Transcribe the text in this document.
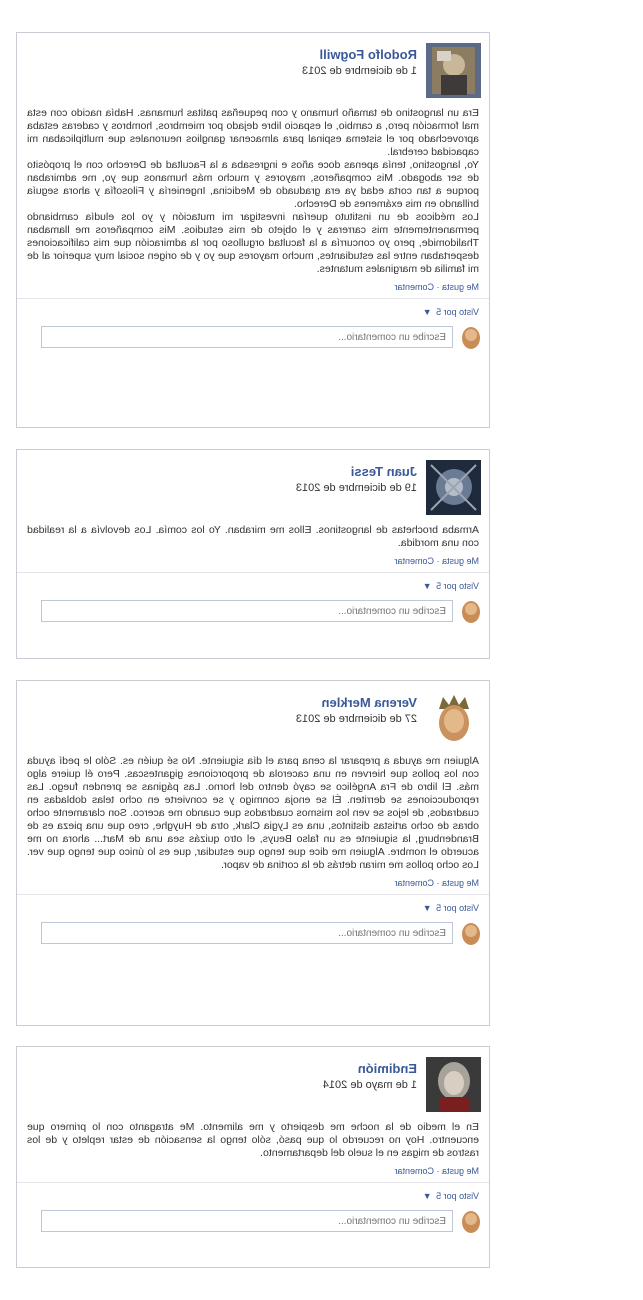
Rodolfo Fogwill
1 de diciembre de 2013
Era un langostino de tamaño humano y con pequeñas patitas humanas. Había nacido con esta mal formación pero, a cambio, el espacio libre dejado por miembros, hombros y caderas estaba aprovechado por el sistema espinal para almacenar ganglios neuronales que multiplicaban mi capacidad cerebral.
Yo, langostino, tenía apenas doce años e ingresaba a la Facultad de Derecho con el propósito de ser abogado. Mis compañeros, mayores y mucho más humanos que yo, me admiraban porque a tan corta edad ya era graduado de Medicina, Ingeniería y Filosofía y ahora seguía brillando en mis exámenes de Derecho.
Los médicos de un instituto querían investigar mi mutación y yo los eludía cambiando permanentemente mis carreras y el objeto de mis estudios. Mis compañeros me llamaban Thalidomide, pero yo concurría a la facultad orgulloso por la admiración que mis calificaciones despertaban entre las estudiantes, mucho mayores que yo y de origen social muy superior al de mi familia de marginales mutantes.
Me gusta · Comentar
Visto por 5 ▼
Escribe un comentario...
Juan Tessi
19 de diciembre de 2013
Armaba brochetas de langostinos. Ellos me miraban. Yo los comía. Los devolvía a la realidad con una mordida.
Me gusta · Comentar
Visto por 5 ▼
Escribe un comentario...
Verena Merklen
27 de diciembre de 2013
Alguien me ayuda a preparar la cena para el día siguiente. No sé quién es. Sólo le pedí ayuda con los pollos que hierven en una cacerola de proporciones gigantescas. Pero él quiere algo más. El libro de Fra Angélico se cayó dentro del horno. Las páginas se prenden fuego. Las reproducciones se derriten. Él se enoja conmigo y se convierte en ocho telas dobladas en cuadrados, de lejos se ven los mismos cuadrados que cuando me acerco. Son claramente ocho obras de ocho artistas distintos, una es Lygia Clark, otra de Huyghe, creo que una pieza es de Brandenburg, la siguiente es un falso Beuys, el otro quizás sea una de Mart... ahora no me acuerdo el nombre. Alguien me dice que tengo que estudiar, que es lo único que tengo que ver. Los ocho pollos me miran detrás de la cortina de vapor.
Me gusta · Comentar
Visto por 5 ▼
Escribe un comentario...
Endimión
1 de mayo de 2014
En el medio de la noche me despierto y me alimento. Me atraganto con lo primero que encuentro. Hoy no recuerdo lo que pasó, sólo tengo la sensación de estar repleto y de los rastros de migas en el suelo del departamento.
Me gusta · Comentar
Visto por 5 ▼
Escribe un comentario...
